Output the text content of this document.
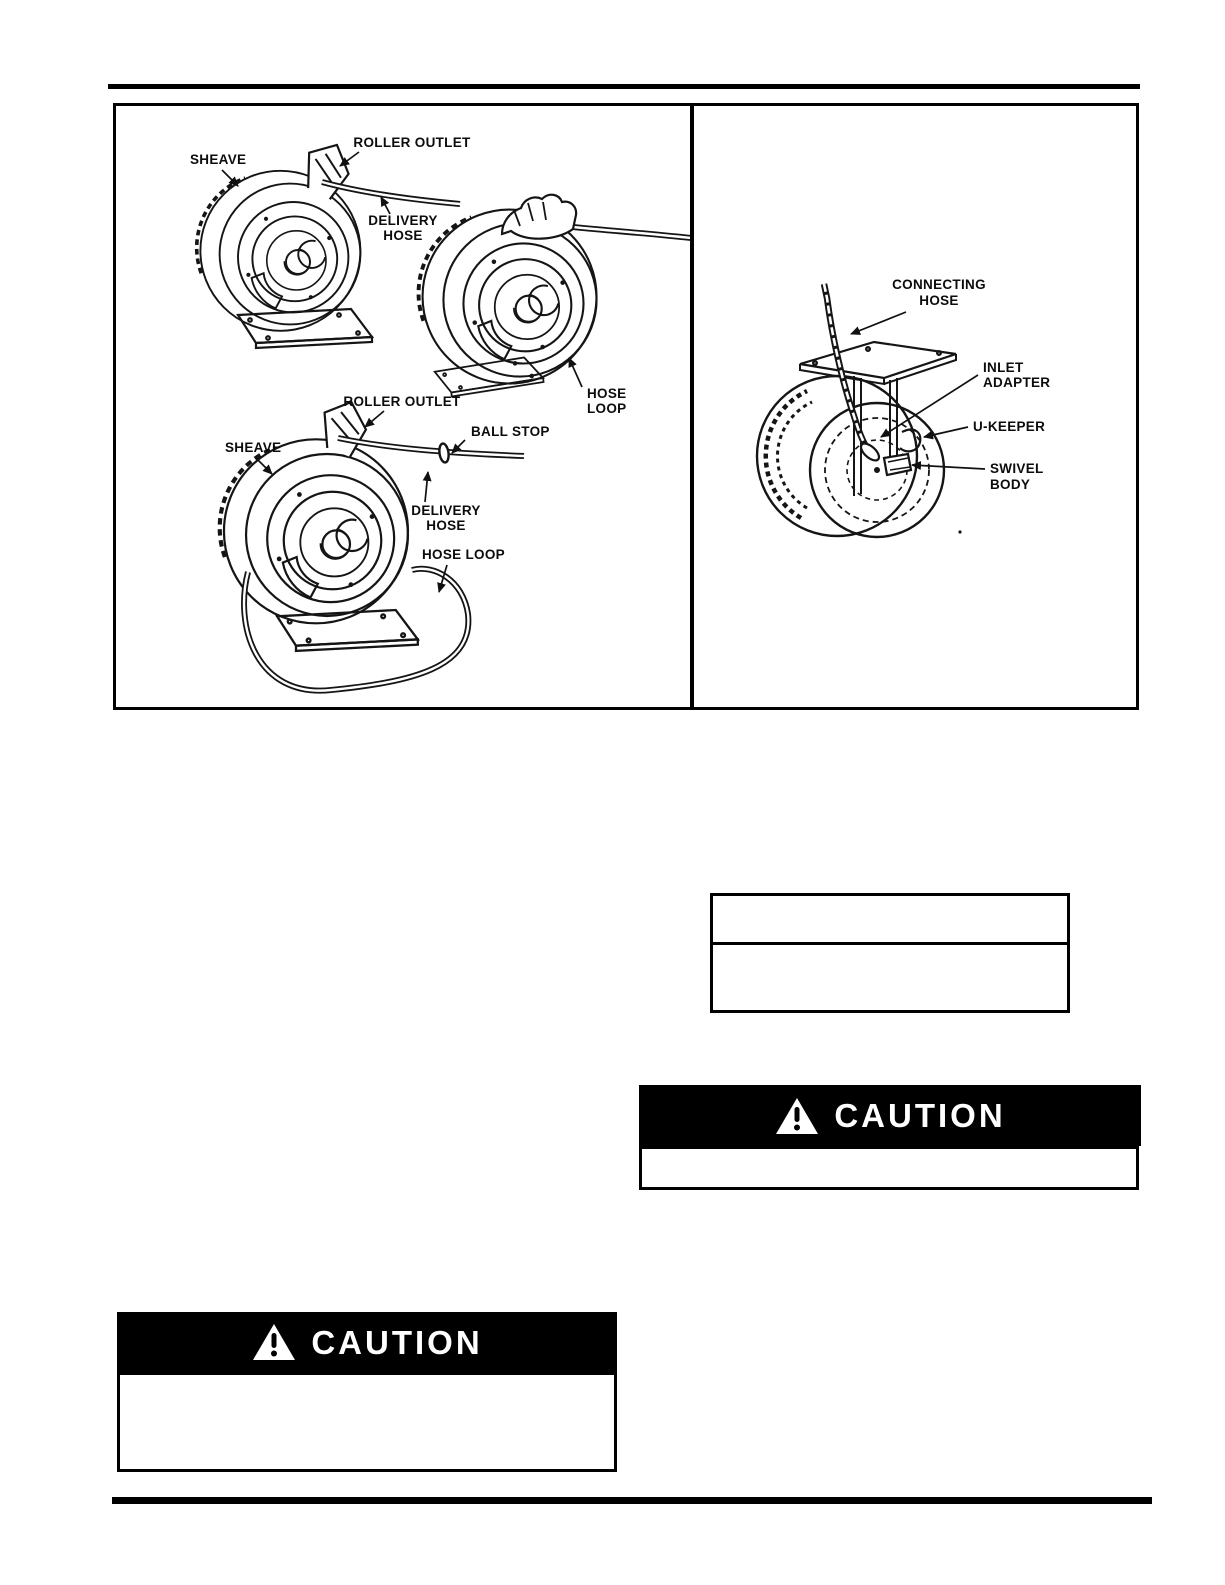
SHEAVE
ROLLER OUTLET
DELIVERY
HOSE
HOSE
LOOP
ROLLER OUTLET
SHEAVE
BALL STOP
DELIVERY
HOSE
HOSE LOOP
CONNECTING
HOSE
INLET
ADAPTER
U-KEEPER
SWIVEL
BODY
CAUTION
CAUTION
